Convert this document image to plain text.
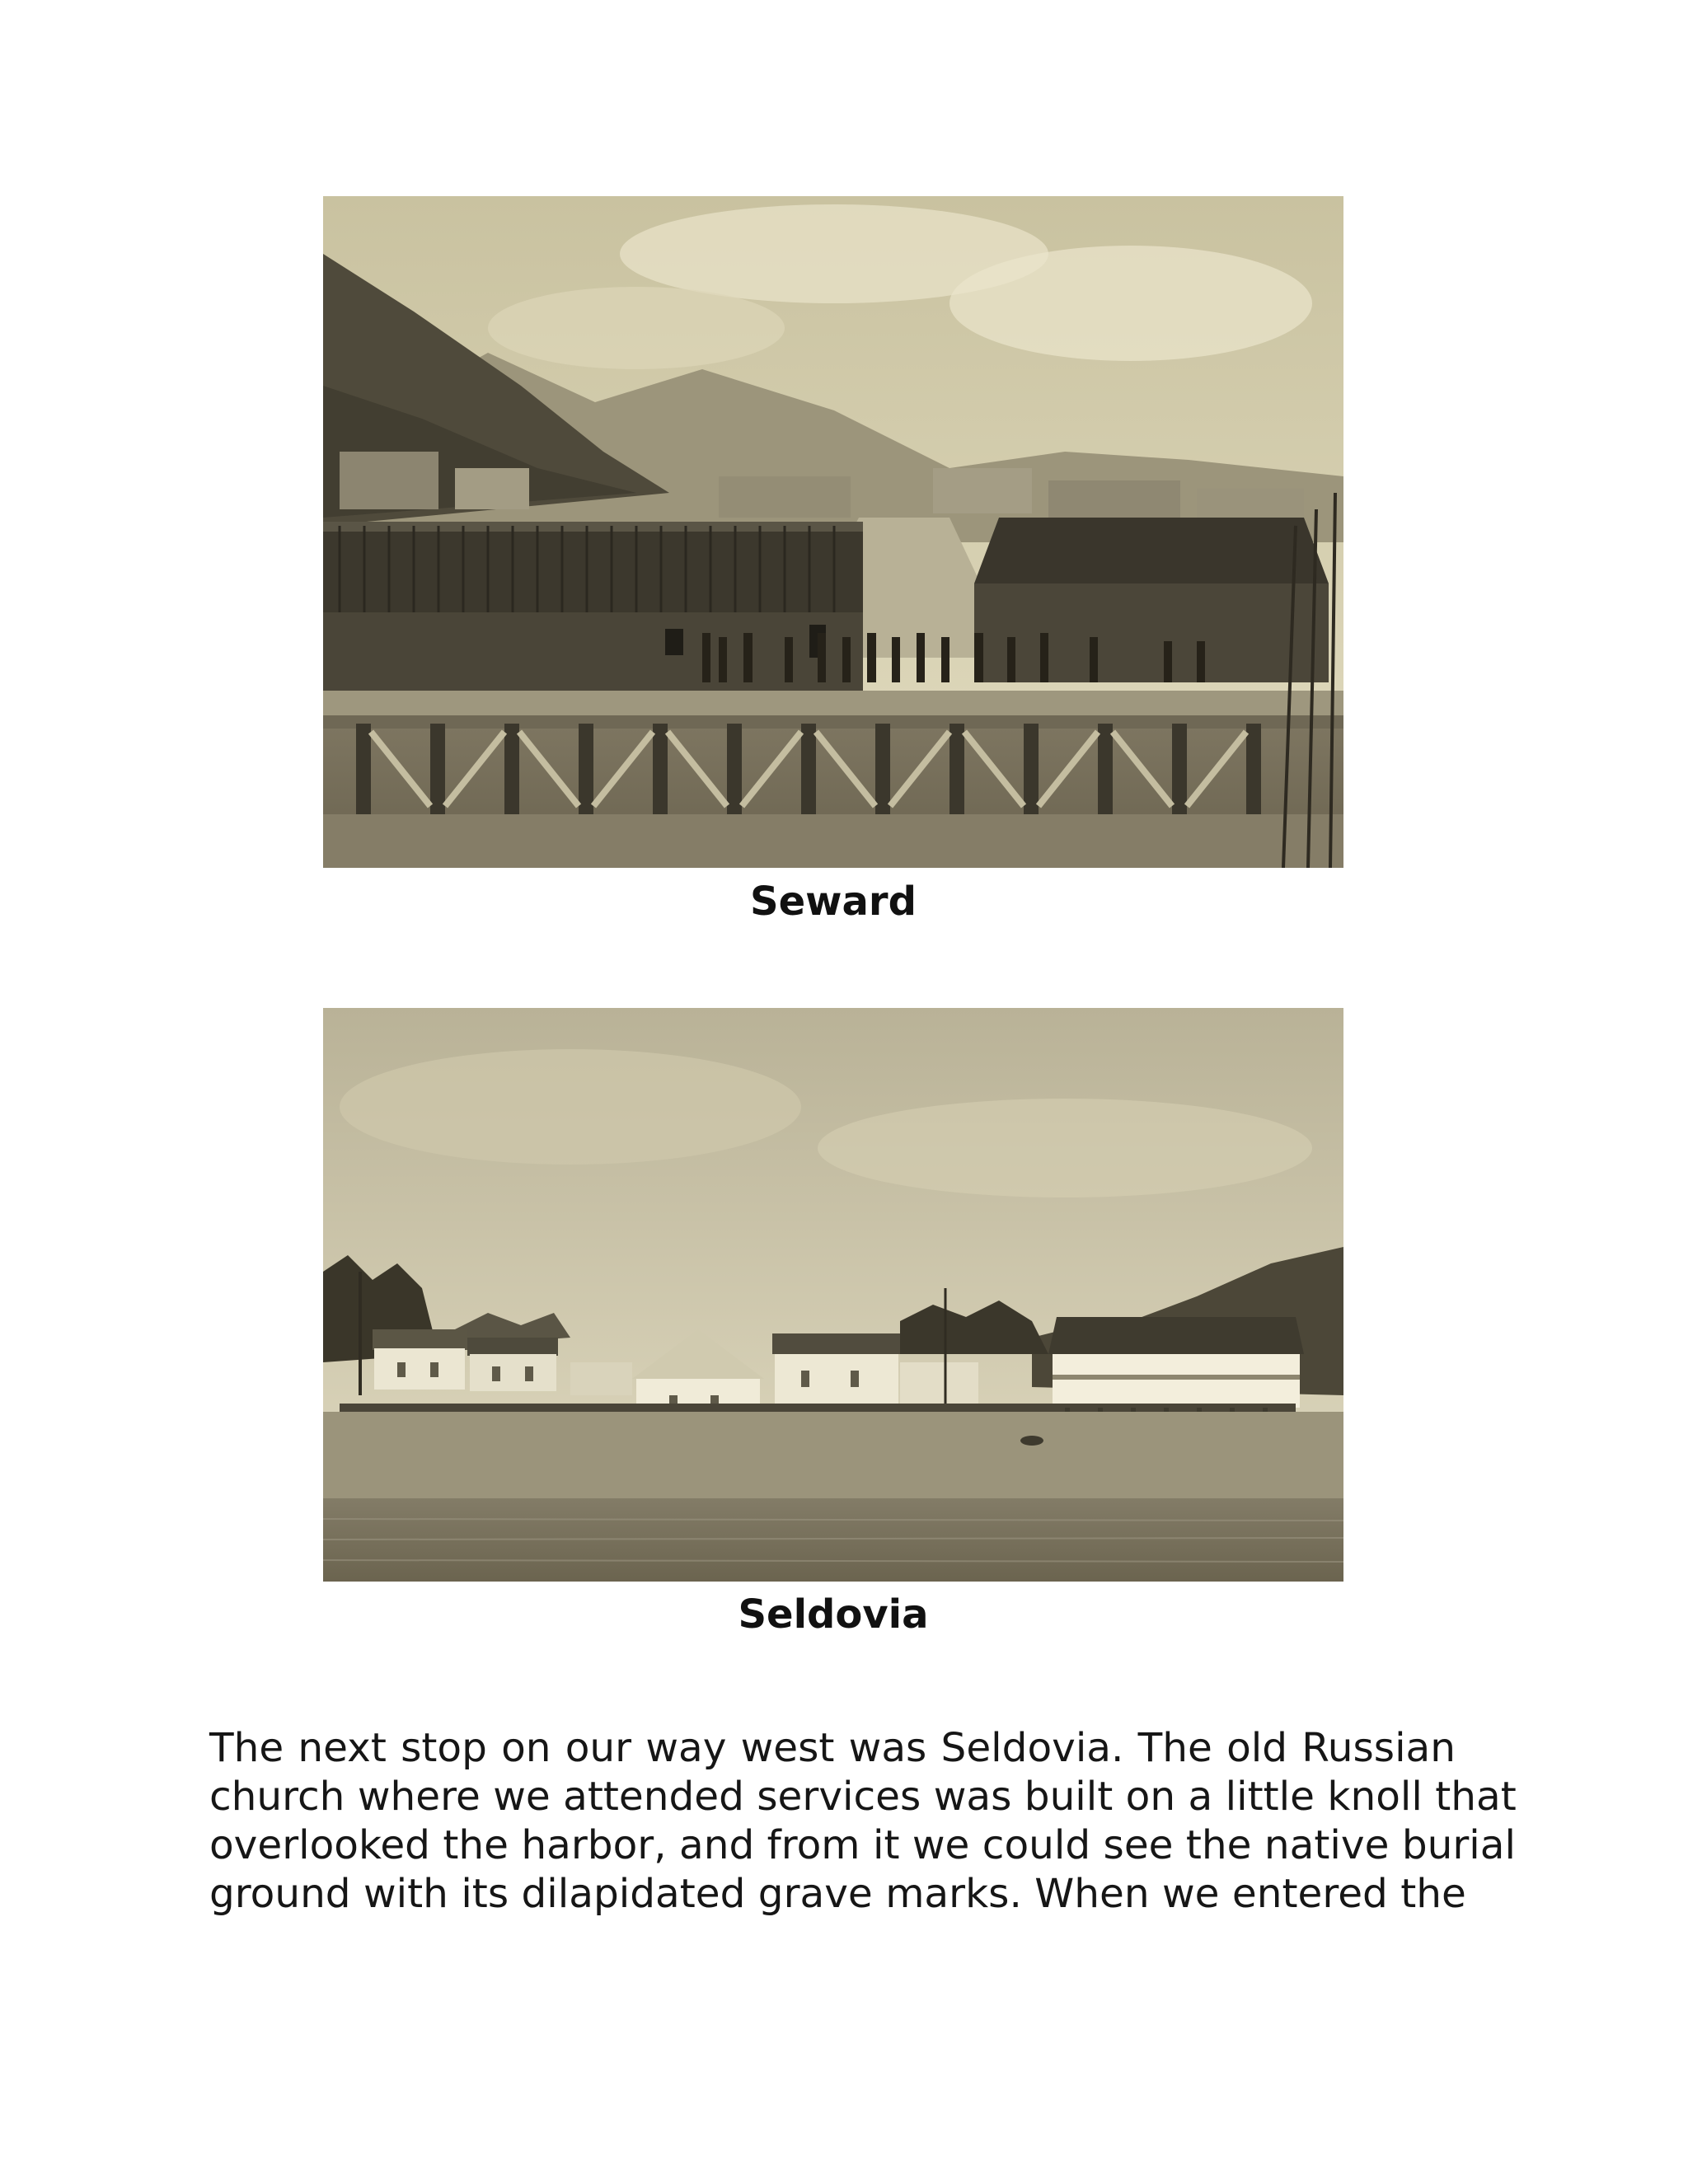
Seward
Seldovia
The next stop on our way west was Seldovia. The old Russian
church where we attended services was built on a little knoll that
overlooked the harbor, and from it we could see the native burial
ground with its dilapidated grave marks. When we entered the
